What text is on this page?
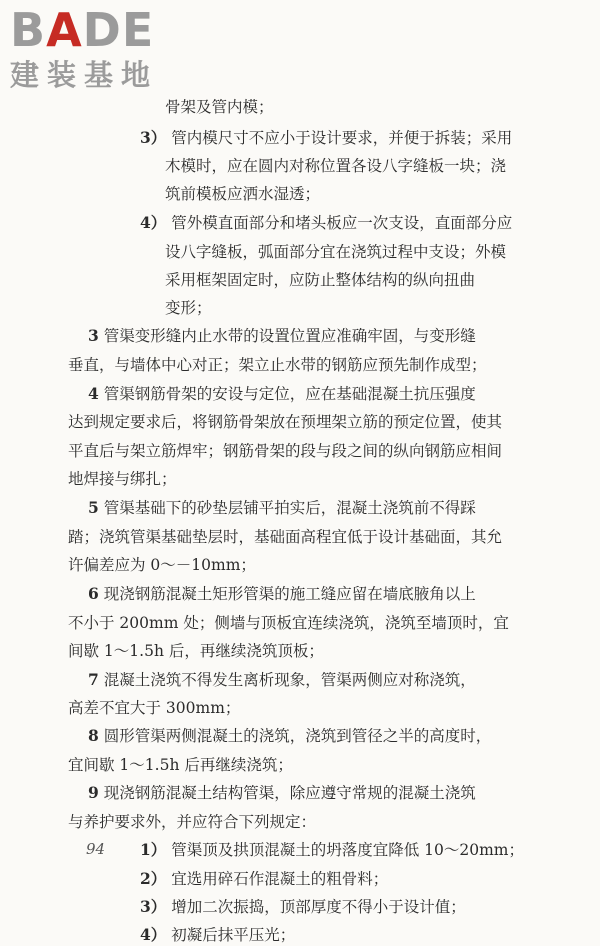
BADE
建装基地
骨架及管内模；
3） 管内模尺寸不应小于设计要求，并便于拆装；采用
木模时，应在圆内对称位置各设八字缝板一块；浇
筑前模板应洒水湿透；
4） 管外模直面部分和堵头板应一次支设，直面部分应
设八字缝板，弧面部分宜在浇筑过程中支设；外模
采用框架固定时，应防止整体结构的纵向扭曲
变形；
3 管渠变形缝内止水带的设置位置应准确牢固，与变形缝
垂直，与墙体中心对正；架立止水带的钢筋应预先制作成型；
4 管渠钢筋骨架的安设与定位，应在基础混凝土抗压强度
达到规定要求后，将钢筋骨架放在预埋架立筋的预定位置，使其
平直后与架立筋焊牢；钢筋骨架的段与段之间的纵向钢筋应相间
地焊接与绑扎；
5 管渠基础下的砂垫层铺平拍实后，混凝土浇筑前不得踩
踏；浇筑管渠基础垫层时，基础面高程宜低于设计基础面，其允
许偏差应为 0～－10mm；
6 现浇钢筋混凝土矩形管渠的施工缝应留在墙底腋角以上
不小于 200mm 处；侧墙与顶板宜连续浇筑，浇筑至墙顶时，宜
间歇 1～1.5h 后，再继续浇筑顶板；
7 混凝土浇筑不得发生离析现象，管渠两侧应对称浇筑，
高差不宜大于 300mm；
8 圆形管渠两侧混凝土的浇筑，浇筑到管径之半的高度时，
宜间歇 1～1.5h 后再继续浇筑；
9 现浇钢筋混凝土结构管渠，除应遵守常规的混凝土浇筑
与养护要求外，并应符合下列规定：
1） 管渠顶及拱顶混凝土的坍落度宜降低 10～20mm；
2） 宜选用碎石作混凝土的粗骨料；
3） 增加二次振捣，顶部厚度不得小于设计值；
4） 初凝后抹平压光；
94
